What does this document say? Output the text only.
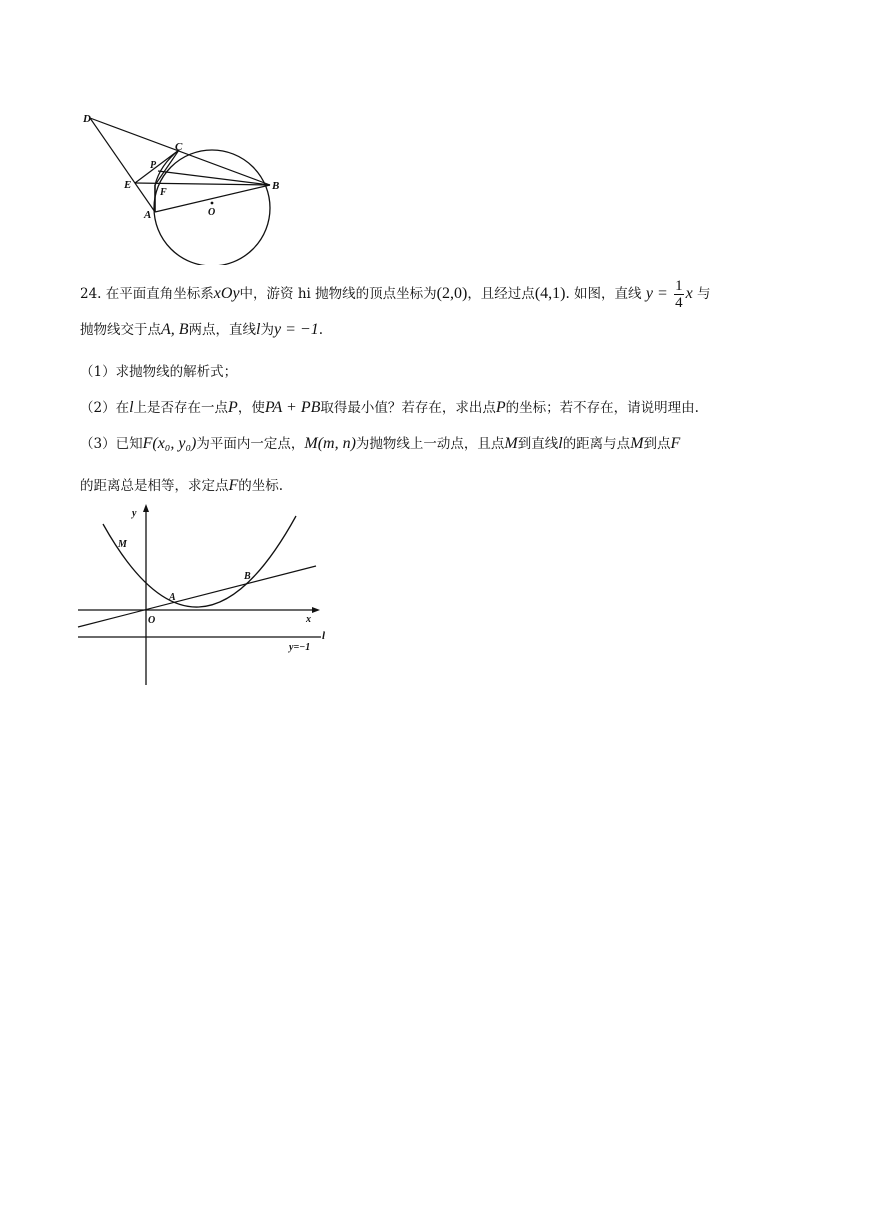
D
C
P
E
F
B
A	O
24. 在平面直角坐标系xOy中，游资 hi 抛物线的顶点坐标为(2,0)，且经过点(4,1). 如图，直线 $y = \frac{1}{4}$ x 与
抛物线交于点A, B两点，直线l为y = −1.
（1）求抛物线的解析式；
（2）在l上是否存在一点P，使PA + PB取得最小值？若存在，求出点P的坐标；若不存在，请说明理由.
（3）已知F(x₀, y₀)为平面内一定点，M(m, n)为抛物线上一动点，且点M到直线l的距离与点M到点F
的距离总是相等，求定点F的坐标.
y
M
A
B
O	x
l
y=−1
